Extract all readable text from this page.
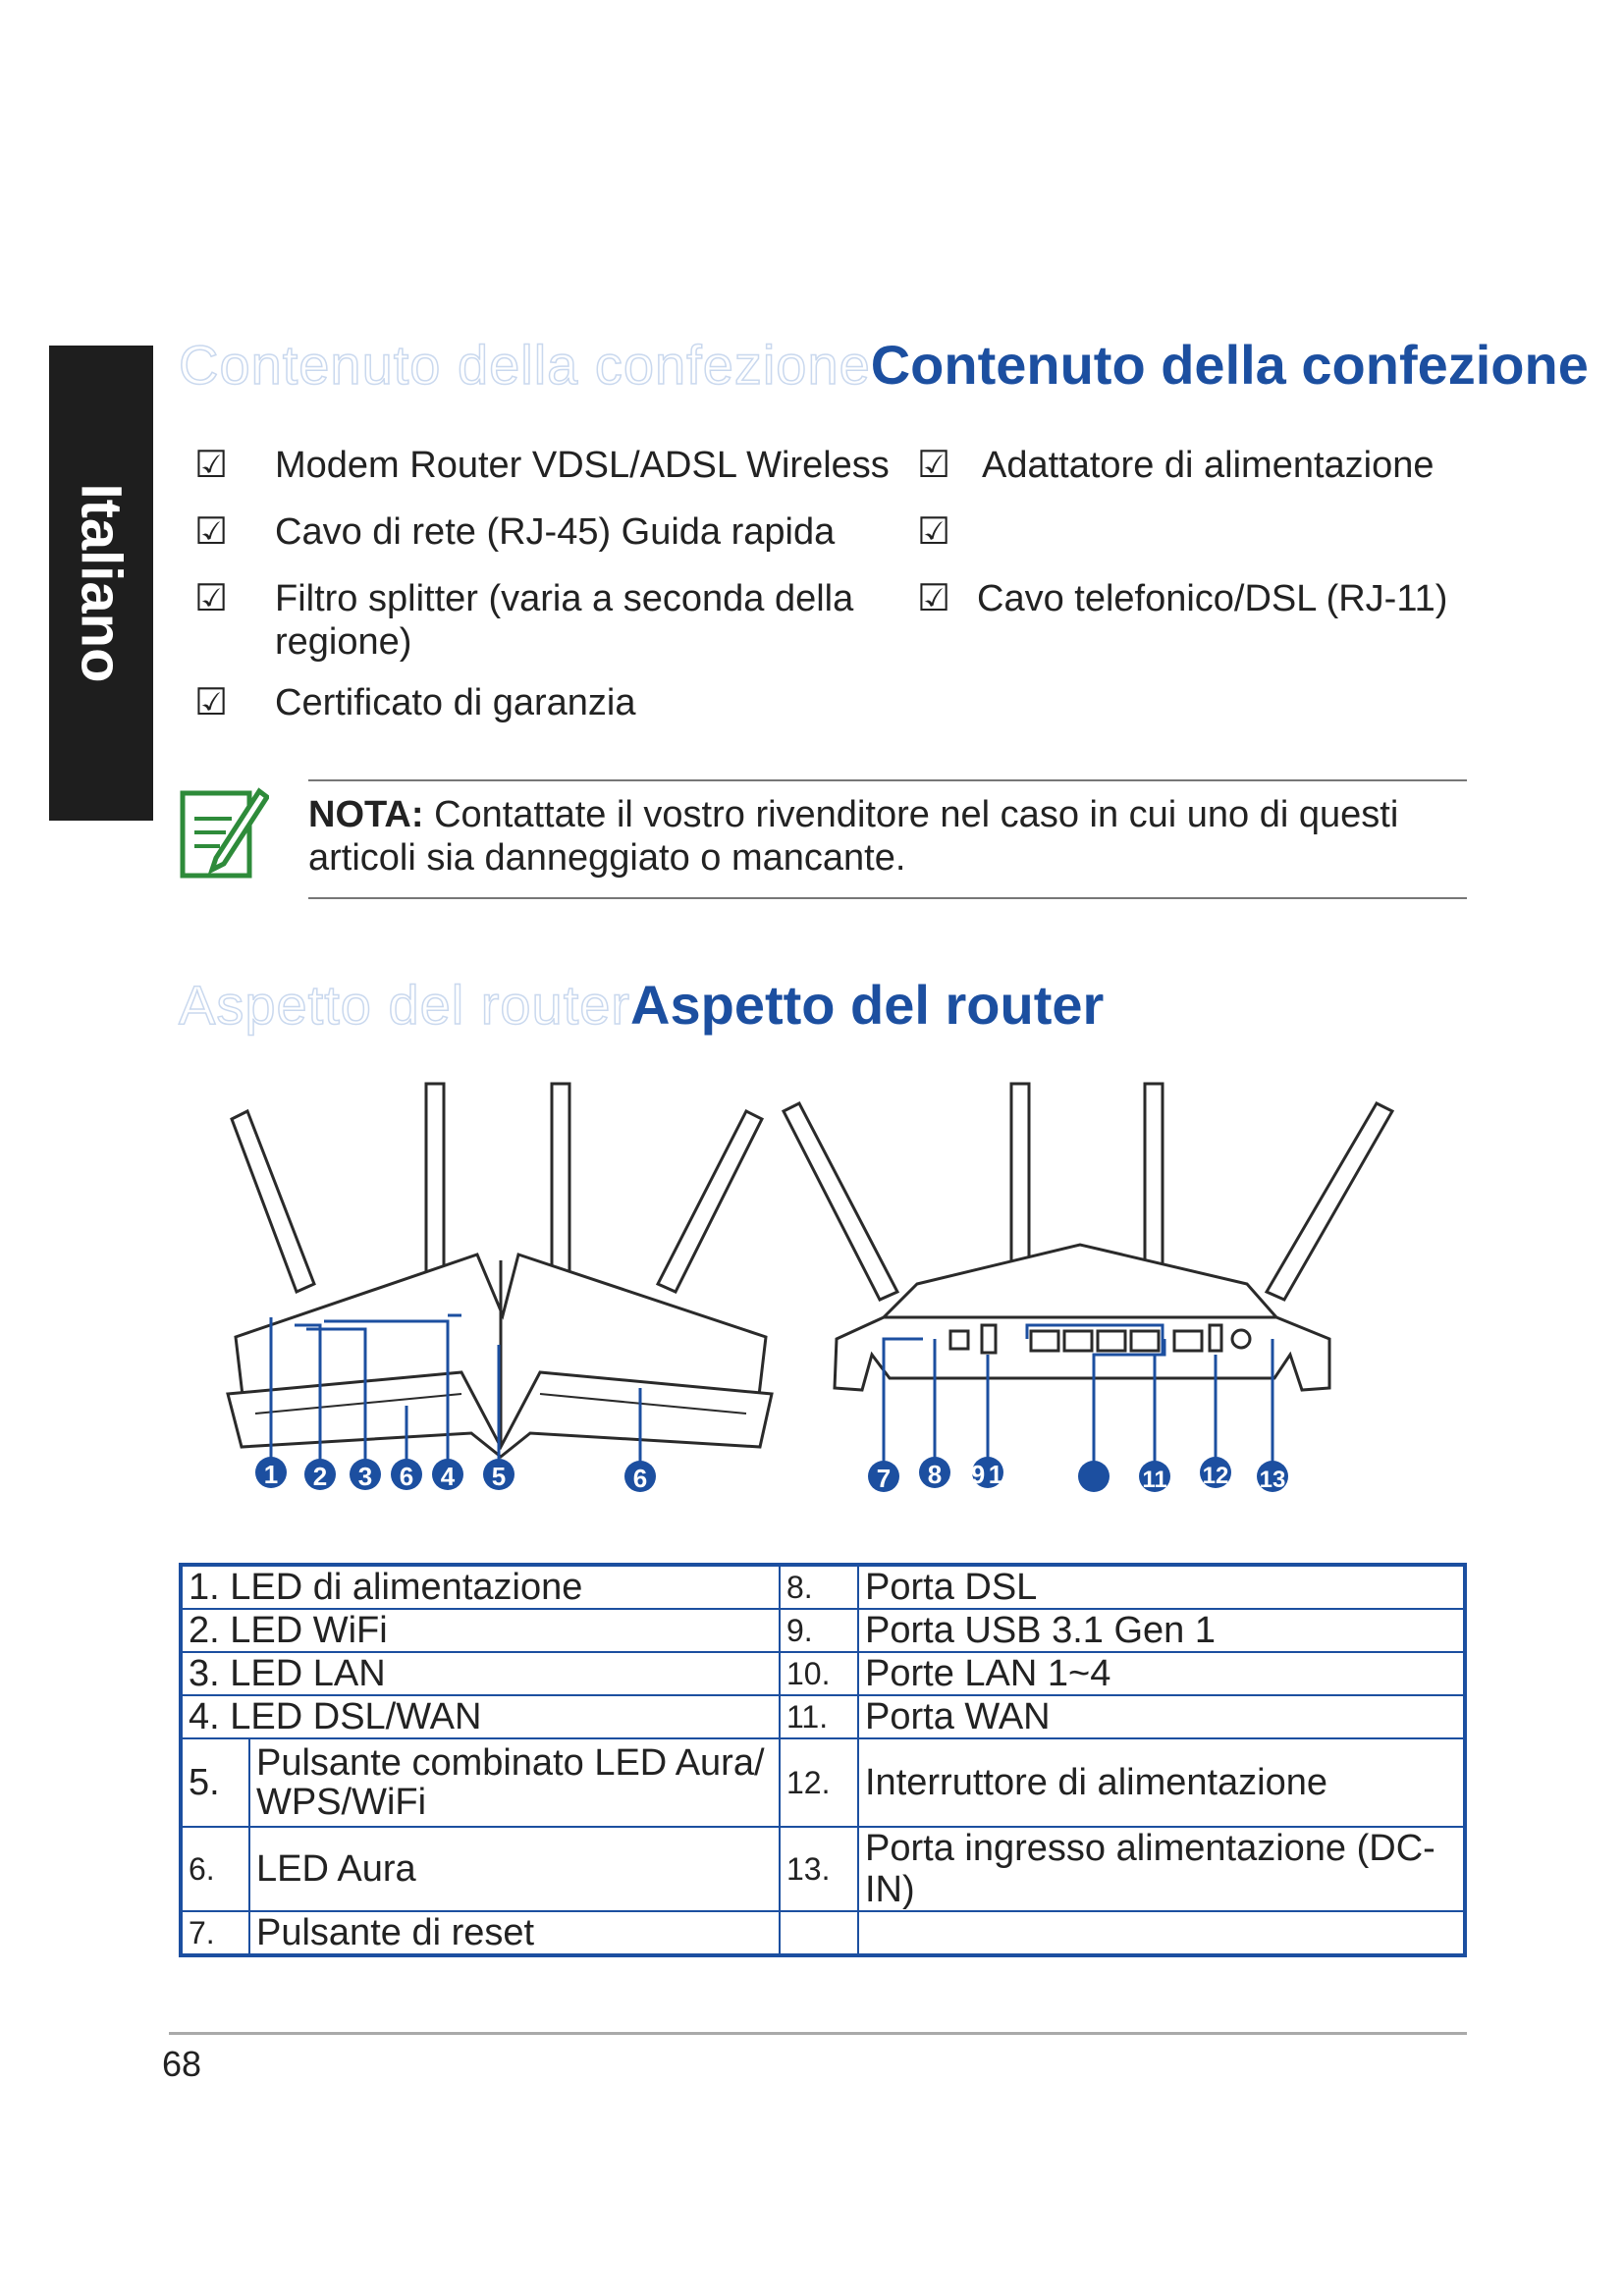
Italiano
Contenuto della confezioneContenuto della confezione
☑ Modem Router VDSL/ADSL Wireless
☑ Cavo di rete (RJ-45) Guida rapida
☑ Filtro splitter (varia a seconda della regione)
☑ Certificato di garanzia
☑ Adattatore di alimentazione
☑
☑ Cavo telefonico/DSL (RJ-11)
NOTA: Contattate il vostro rivenditore nel caso in cui uno di questi articoli sia danneggiato o mancante.
Aspetto del routerAspetto del router
1 2 3 6 4 5	6	7 8 9 1	11 12 13
1. LED di alimentazione		8.	Porta DSL
2. LED WiFi		9.	Porta USB 3.1 Gen 1
3. LED LAN		10.	Porte LAN 1~4
4. LED DSL/WAN		11.	Porta WAN
5.	Pulsante combinato LED Aura/ WPS/WiFi	12.	Interruttore di alimentazione
6.	LED Aura	13.	Porta ingresso alimentazione (DC-IN)
7.	Pulsante di reset		
68
